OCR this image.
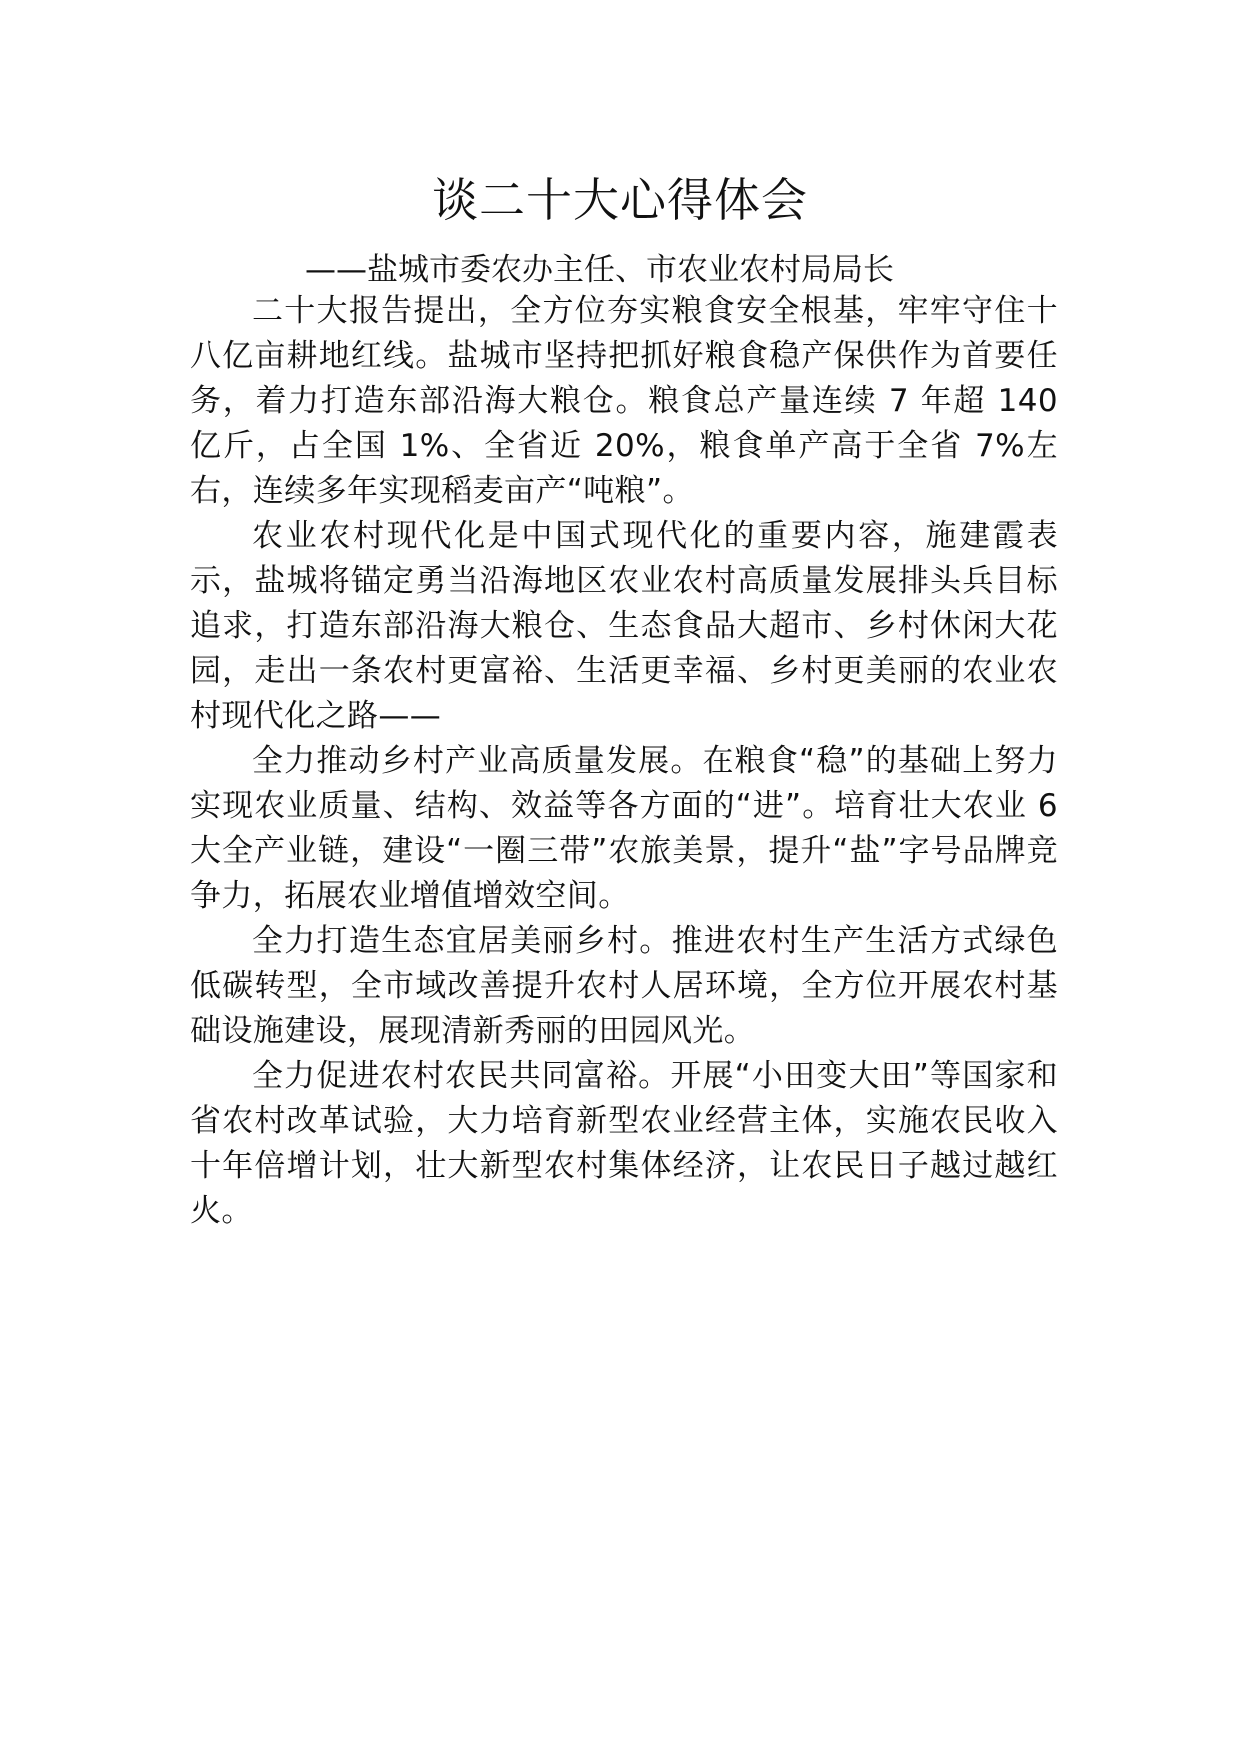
谈二十大心得体会

——盐城市委农办主任、市农业农村局局长

二十大报告提出，全方位夯实粮食安全根基，牢牢守住十八亿亩耕地红线。盐城市坚持把抓好粮食稳产保供作为首要任务，着力打造东部沿海大粮仓。粮食总产量连续 7 年超 140 亿斤，占全国 1%、全省近 20%，粮食单产高于全省 7%左右，连续多年实现稻麦亩产“吨粮”。

农业农村现代化是中国式现代化的重要内容，施建霞表示，盐城将锚定勇当沿海地区农业农村高质量发展排头兵目标追求，打造东部沿海大粮仓、生态食品大超市、乡村休闲大花园，走出一条农村更富裕、生活更幸福、乡村更美丽的农业农村现代化之路——

全力推动乡村产业高质量发展。在粮食“稳”的基础上努力实现农业质量、结构、效益等各方面的“进”。培育壮大农业 6 大全产业链，建设“一圈三带”农旅美景，提升“盐”字号品牌竞争力，拓展农业增值增效空间。

全力打造生态宜居美丽乡村。推进农村生产生活方式绿色低碳转型，全市域改善提升农村人居环境，全方位开展农村基础设施建设，展现清新秀丽的田园风光。

全力促进农村农民共同富裕。开展“小田变大田”等国家和省农村改革试验，大力培育新型农业经营主体，实施农民收入十年倍增计划，壮大新型农村集体经济，让农民日子越过越红火。
